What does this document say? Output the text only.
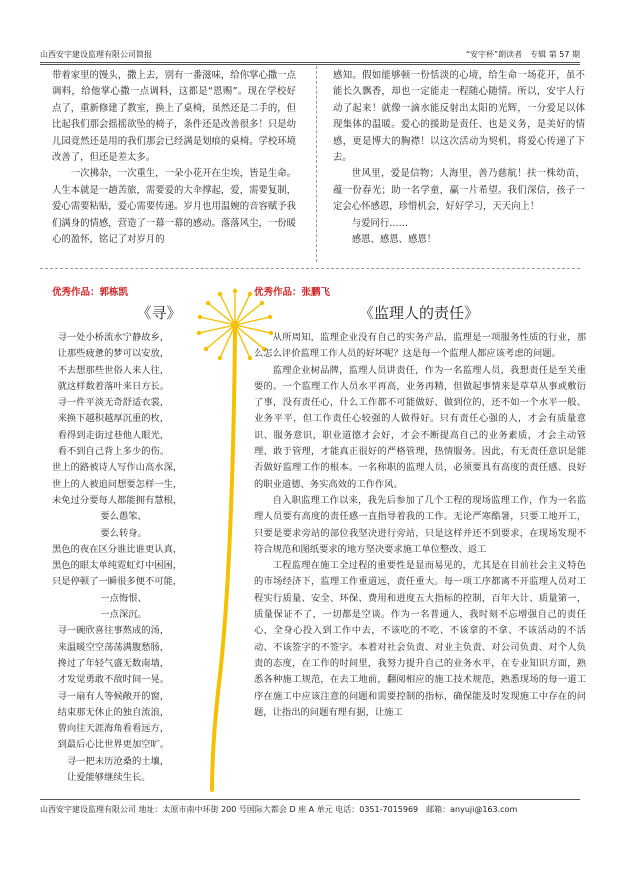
山西安宇建设监理有限公司简报	“安宇杯”朗读者　专辑 第 57 期

带着家里的馒头，撒上去，别有一番滋味，给你掌心撒一点调料，给他掌心撒一点调料，这都是“恩赐”。现在学校好点了，重新修建了教室，换上了桌椅，虽然还是二手的，但比起我们那会摇摇欲坠的椅子，条件还是改善很多！只是幼儿园竟然还是用的我们那会已经满是划痕的桌椅。学校环境改善了，但还是差太多。

一次拂杂，一次重生，一朵小花开在尘埃，皆是生命。人生本就是一趟苦旅，需要爱的大伞撑起，爱，需要复制，爱心需要粘贴，爱心需要传递。岁月也用温婉的音容赋予我们满身的情感，营造了一幕一幕的感动。落落风尘，一份暖心的盈怀，铭记了对岁月的

感知。假如能够顿一份恬淡的心境，给生命一场花开，虽不能长久飘香，却也一定能走一程随心随情。所以，安宇人行动了起来！就像一滴水能反射出太阳的光辉，一分爱足以体现集体的温暖。爱心的援助是责任、也是义务，是美好的情感，更是博大的胸襟！以这次活动为契机，将爱心传递了下去。

世风里，爱是信物；人海里，善乃慈航！扶一株幼苗，蕴一份春光；助一名学童，赢一片希望。我们深信，孩子一定会心怀感恩，珍惜机会，好好学习，天天向上！

与爱同行……

感恩、感恩、感恩！

优秀作品：郭栋凯	优秀作品：张鹏飞
《寻》
寻一处小桥流水宁静故乡，
让那些疲惫的梦可以安放，
不去想那些世俗人来人往，
就这样数着落叶来日方长。
寻一件平淡无奇舒适衣裳，
来换下越积越厚沉重的枚，
看得到走街过巷他人眼光，
看不到自己背上多少的伤。
世上的路被诗人写作山高水深，
世上的人被追问想要怎样一生，
未免过分要每人都能拥有慧根，
要么愚笨、
要么转身。
黑色的夜在区分谁比谁更认真，
黑色的眼太单纯霓虹灯中困困，
只是停顿了一瞬很多便不可能，
一点悔恨、
一点深沉。
寻一碗欣喜往事熬成的汤，
来温暖空空荡荡满腹愁肠，
搀过了年轻气盛无数南墙，
才发觉勇敢不敌时间一晃。
寻一扇有人等候敞开的窗，
结束那无休止的独自流浪，
曾向往天涯海角看看远方，
到最后心比世界更加空旷。
寻一把未历沧桑的土壤，
让爱能够继续生长。
《监理人的责任》

从所周知，监理企业没有自己的实务产品，监理是一项服务性质的行业，那么怎么评价监理工作人员的好坏呢？这是每一个监理人都应该考虑的问题。

监理企业树品牌，监理人员讲责任，作为一名监理人员，我想责任是至关重要的。一个监理工作人员水平再高，业务再精，但做起事情来是草草从事或敷衍了事，没有责任心，什么工作都不可能做好、做到位的，还不如一个水平一般、业务平平，但工作责任心较强的人做得好。只有责任心强的人，才会有质量意识、服务意识，职业道德才会好，才会不断提高自己的业务素质，才会主动管理、敢于管理，才能真正很好的严格管理，热情服务。因此，有无责任意识是能否做好监理工作的根本。一名称职的监理人员，必须要具有高度的责任感、良好的职业道德、务实高效的工作作风。

自入职监理工作以来，我先后参加了几个工程的现场监理工作，作为一名监理人员要有高度的责任感一直指导着我的工作。无论严寒酷暑，只要工地开工，只要是要求旁站的部位我坚决进行旁站，只是这样并还不到要求，在现场发现不符合规范和图纸要求的地方坚决要求施工单位整改、返工

工程监理在施工全过程的重要性是显而易见的，尤其是在目前社会主义特色的市场经济下，监理工作重道远，责任重大。每一项工序都离不开监理人员对工程实行质量、安全、环保、费用和进度五大指标的控制，百年大计、质量第一，质量保证不了，一切都是空谈。作为一名普通人，我时刻不忘增强自己的责任心，全身心投入到工作中去，不该吃的不吃、不该拿的不拿、不该活动的不活动、不该签字的不签字。本着对社会负责、对业主负责、对公司负责、对个人负责的态度，在工作的时间里，我努力提升自己的业务水平，在专业知识方面，熟悉各种施工规范，在去工地前，翻阅相应的施工技术规范，熟悉现场的每一道工序在施工中应该注意的问题和需要控制的指标，确保能及时发现施工中存在的问题，让指出的问题有理有据，让施工

山西安宇建设监理有限公司 地址：太原市南中环街 200 号国际大都会 D 座 A 单元 电话：0351-7015969　邮箱：anyuji@163.com
